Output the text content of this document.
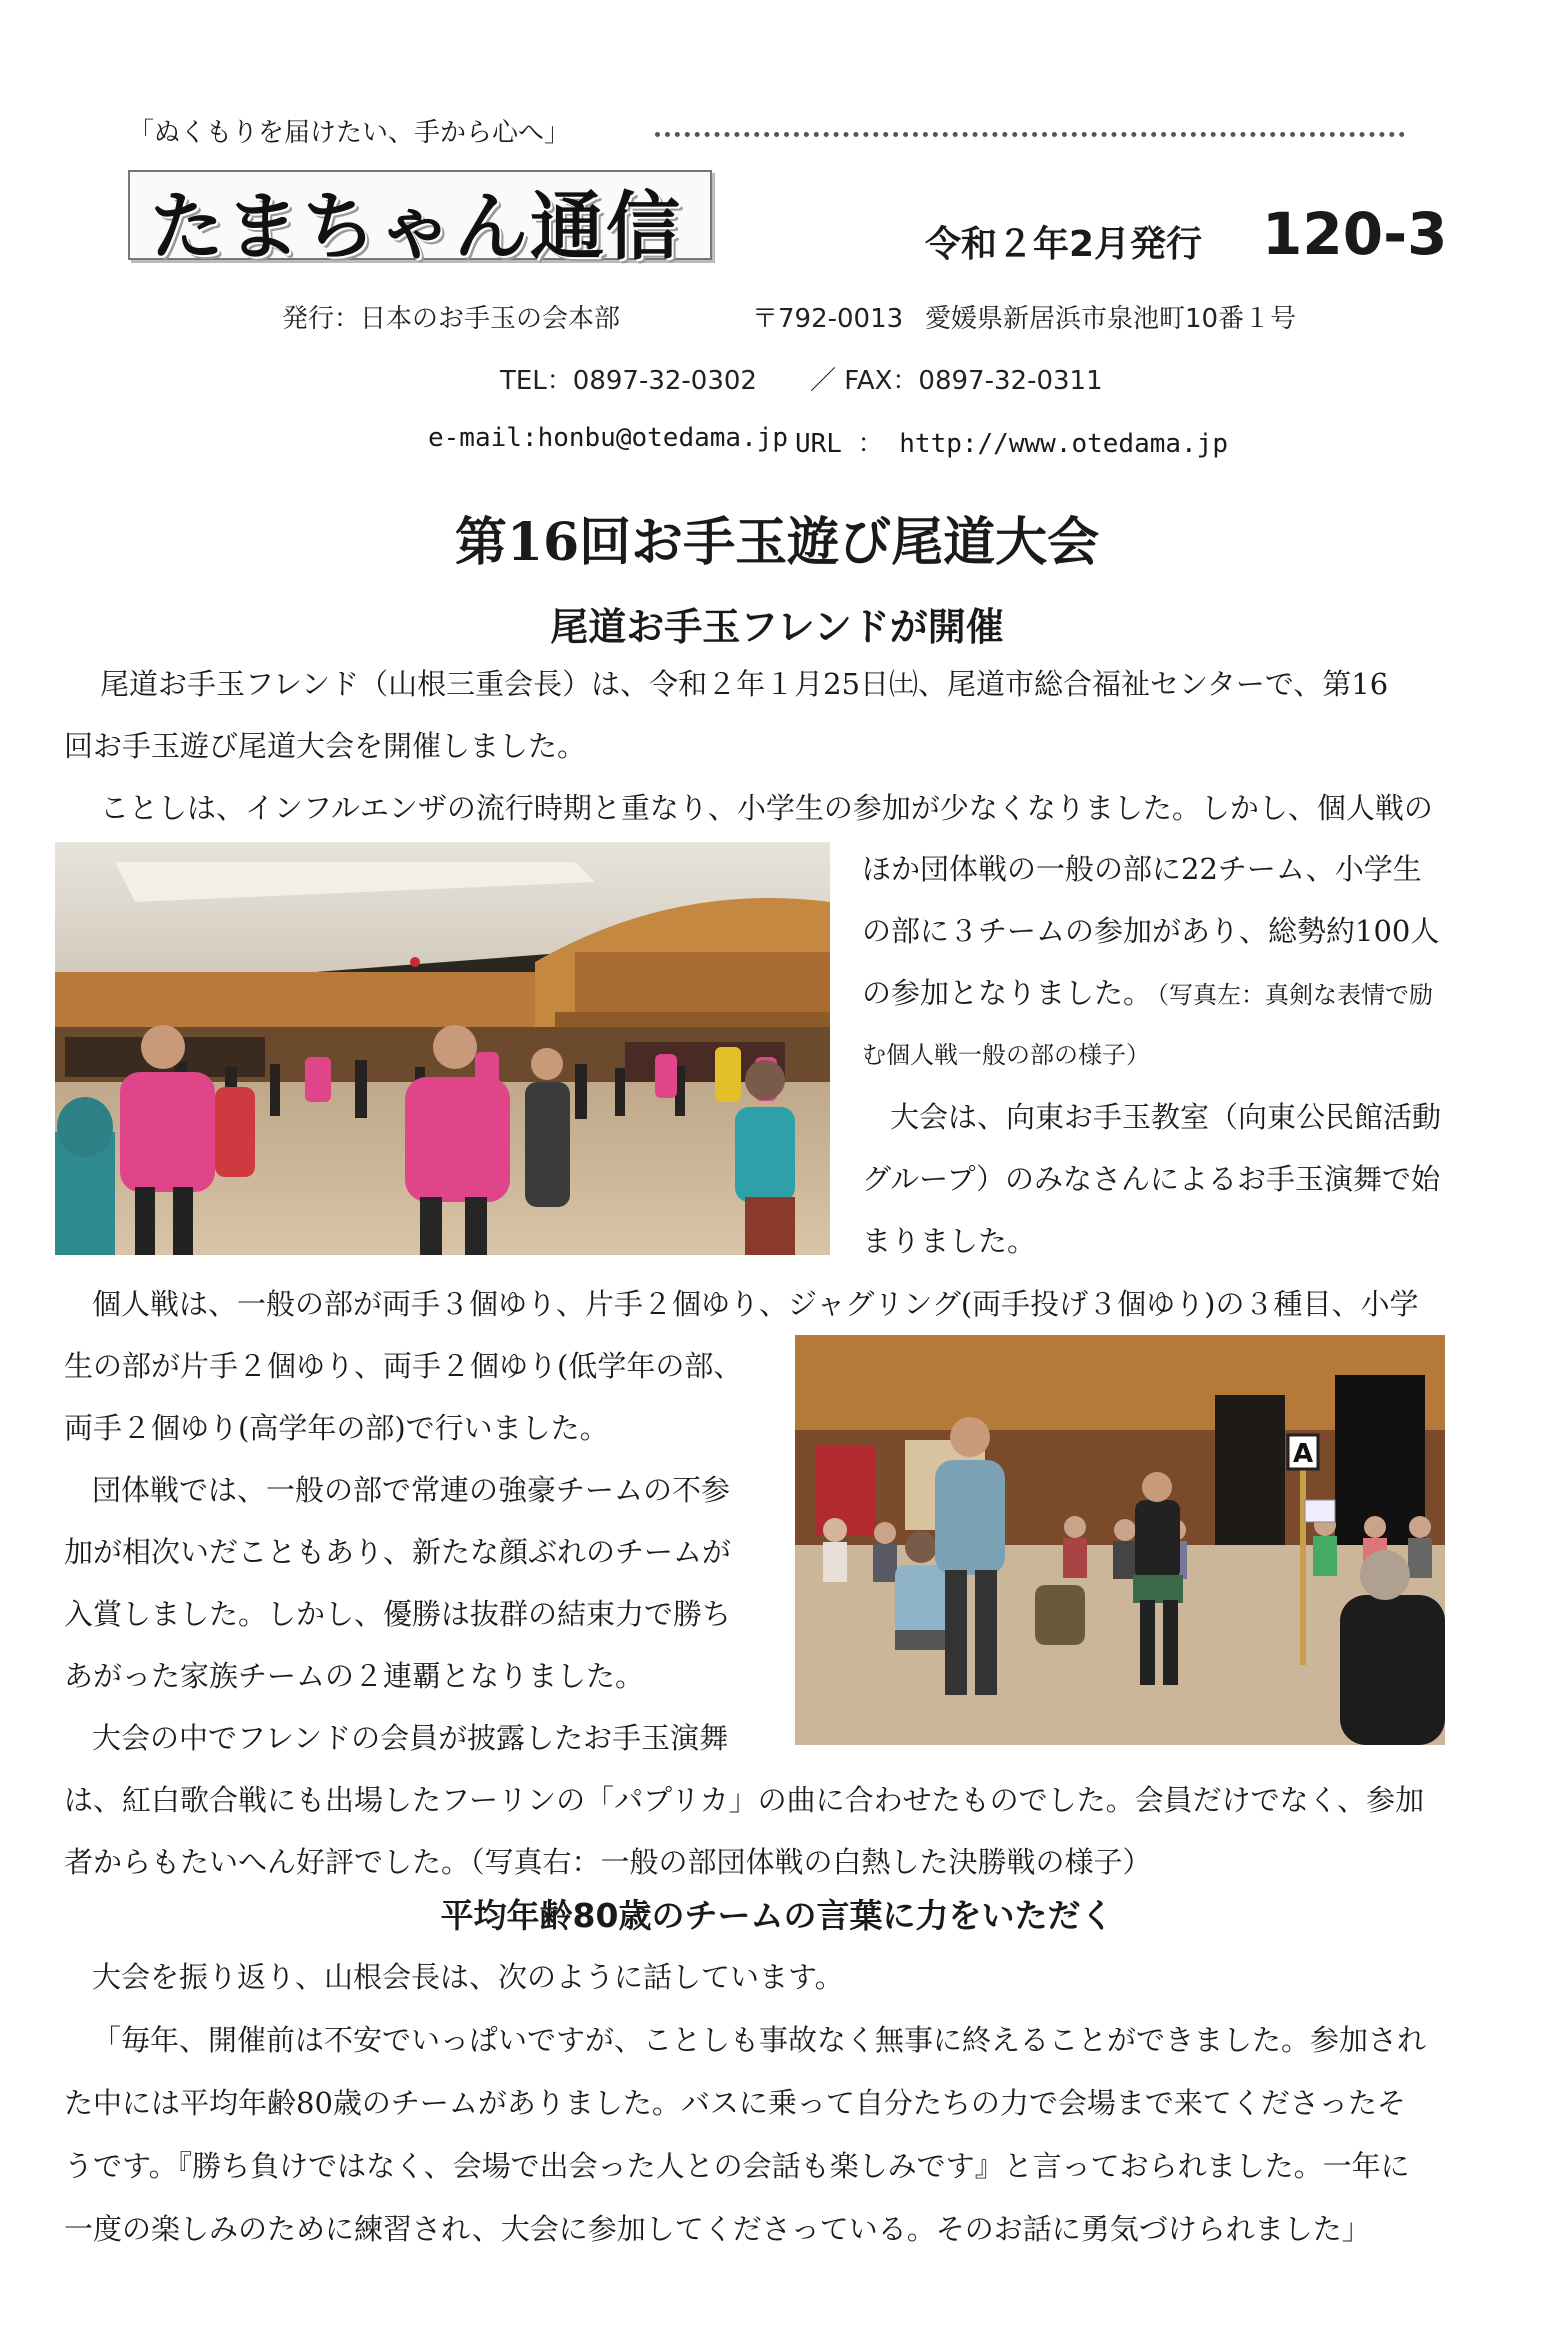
「ぬくもりを届けたい、手から心へ」
たまちゃん通信	令和２年2月発行 120-3
発行：日本のお手玉の会本部	〒792-0013 愛媛県新居浜市泉池町10番１号
TEL：0897-32-0302 ／ FAX：0897-32-0311
e-mail:honbu@otedama.jp URL ： http://www.otedama.jp
第16回お手玉遊び尾道大会
尾道お手玉フレンドが開催
尾道お手玉フレンド（山根三重会長）は、令和２年１月25日㈯、尾道市総合福祉センターで、第16
回お手玉遊び尾道大会を開催しました。
ことしは、インフルエンザの流行時期と重なり、小学生の参加が少なくなりました。しかし、個人戦の
ほか団体戦の一般の部に22チーム、小学生
の部に３チームの参加があり、総勢約100人
の参加となりました。
（写真左：真剣な表情で励
む個人戦一般の部の様子）
大会は、向東お手玉教室（向東公民館活動
グループ）のみなさんによるお手玉演舞で始
まりました。
個人戦は、一般の部が両手３個ゆり、片手２個ゆり、ジャグリング(両手投げ３個ゆり)の３種目、小学
生の部が片手２個ゆり、両手２個ゆり(低学年の部、
両手２個ゆり(高学年の部)で行いました。
団体戦では、一般の部で常連の強豪チームの不参
加が相次いだこともあり、新たな顔ぶれのチームが
入賞しました。しかし、優勝は抜群の結束力で勝ち
あがった家族チームの２連覇となりました。
大会の中でフレンドの会員が披露したお手玉演舞
は、紅白歌合戦にも出場したフーリンの「パプリカ」の曲に合わせたものでした。会員だけでなく、参加
者からもたいへん好評でした。（写真右：一般の部団体戦の白熱した決勝戦の様子）
平均年齢80歳のチームの言葉に力をいただく
大会を振り返り、山根会長は、次のように話しています。
「毎年、開催前は不安でいっぱいですが、ことしも事故なく無事に終えることができました。参加され
た中には平均年齢80歳のチームがありました。バスに乗って自分たちの力で会場まで来てくださったそ
うです。『勝ち負けではなく、会場で出会った人との会話も楽しみです』と言っておられました。一年に
一度の楽しみのために練習され、大会に参加してくださっている。そのお話に勇気づけられました」
A
